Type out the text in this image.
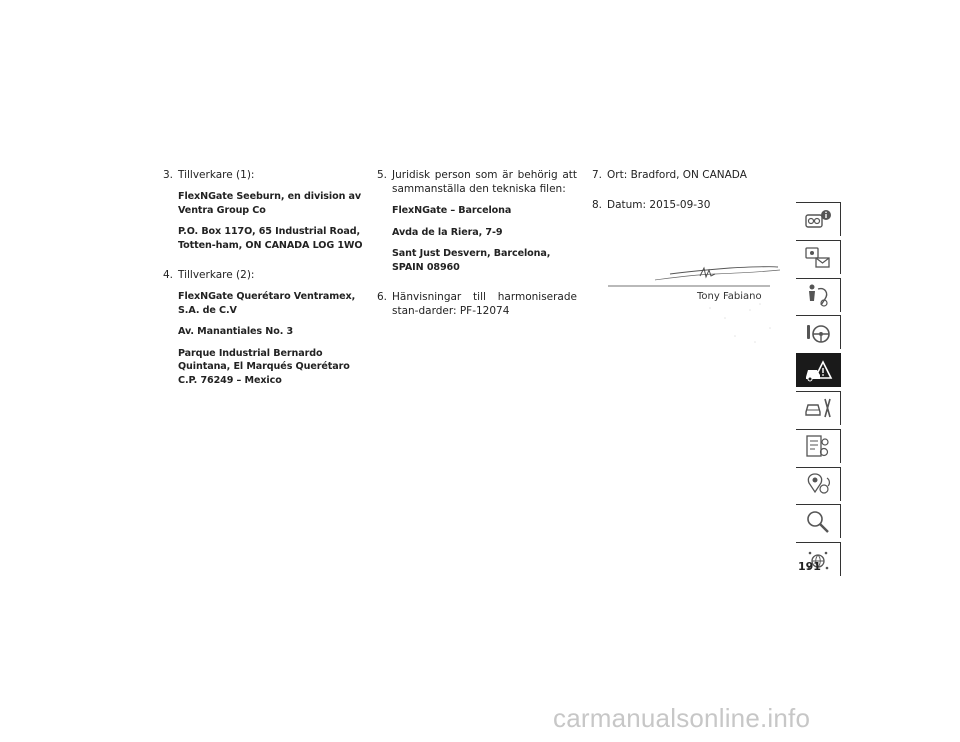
3. Tillverkare (1):
FlexNGate Seeburn, en division av Ventra Group Co
P.O. Box 117O, 65 Industrial Road, Totten-ham, ON CANADA LOG 1WO
4. Tillverkare (2):
FlexNGate Querétaro Ventramex, S.A. de C.V
Av. Manantiales No. 3
Parque Industrial Bernardo Quintana, El Marqués Querétaro C.P. 76249 – Mexico
5. Juridisk person som är behörig att sammanställa den tekniska filen:
FlexNGate – Barcelona
Avda de la Riera, 7-9
Sant Just Desvern, Barcelona, SPAIN 08960
6. Hänvisningar till harmoniserade stan-darder: PF-12074
7. Ort: Bradford, ON CANADA
8. Datum: 2015-09-30
Tony Fabiano
191
carmanualsonline.info
